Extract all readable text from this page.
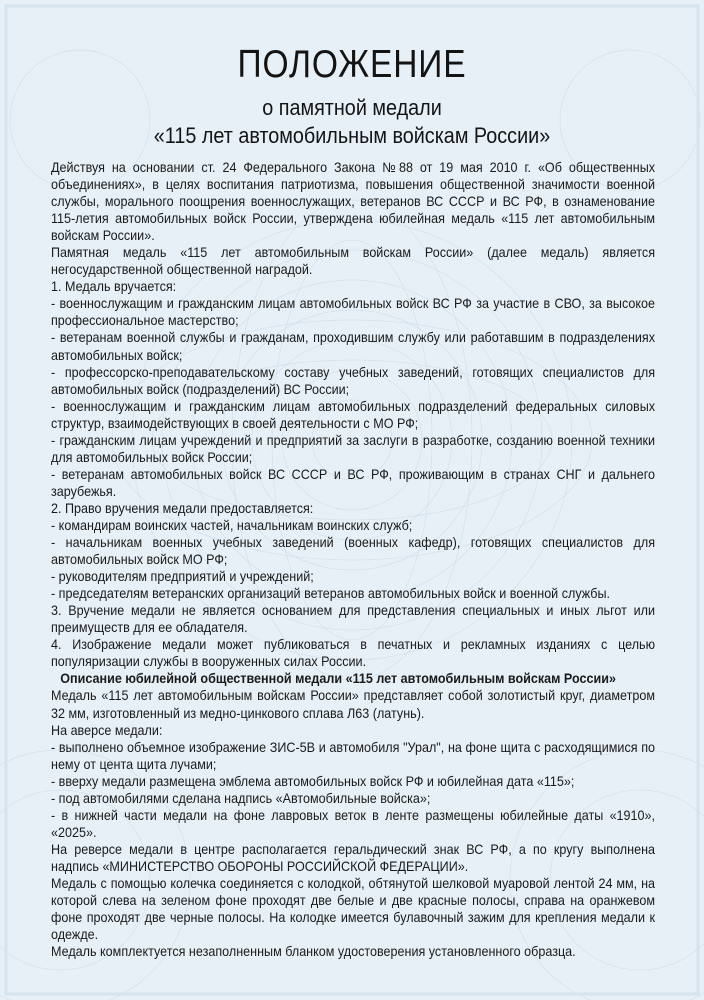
ПОЛОЖЕНИЕ
о памятной медали
«115 лет автомобильным войскам России»

Действуя на основании ст. 24 Федерального Закона №88 от 19 мая 2010 г. «Об общественных объединениях», в целях воспитания патриотизма, повышения общественной значимости военной службы, морального поощрения военнослужащих, ветеранов ВС СССР и ВС РФ, в ознаменование 115-летия автомобильных войск России, утверждена юбилейная медаль «115 лет автомобильным войскам России».

Памятная медаль «115 лет автомобильным войскам России» (далее медаль) является негосударственной общественной наградой.

1. Медаль вручается:

- военнослужащим и гражданским лицам автомобильных войск ВС РФ за участие в СВО, за высокое профессиональное мастерство;

- ветеранам военной службы и гражданам, проходившим службу или работавшим в подразделениях автомобильных войск;

- профессорско-преподавательскому составу учебных заведений, готовящих специалистов для автомобильных войск (подразделений) ВС России;

- военнослужащим и гражданским лицам автомобильных подразделений федеральных силовых структур, взаимодействующих в своей деятельности с МО РФ;

- гражданским лицам учреждений и предприятий за заслуги в разработке, созданию военной техники для автомобильных войск России;

- ветеранам автомобильных войск ВС СССР и ВС РФ, проживающим в странах СНГ и дальнего зарубежья.

2. Право вручения медали предоставляется:

- командирам воинских частей, начальникам воинских служб;

- начальникам военных учебных заведений (военных кафедр), готовящих специалистов для автомобильных войск МО РФ;

- руководителям предприятий и учреждений;

- председателям ветеранских организаций ветеранов автомобильных войск и военной службы.

3. Вручение медали не является основанием для представления специальных и иных льгот или преимуществ для ее обладателя.

4. Изображение медали может публиковаться в печатных и рекламных изданиях с целью популяризации службы в вооруженных силах России.

Описание юбилейной общественной медали «115 лет автомобильным войскам России»

Медаль «115 лет автомобильным войскам России» представляет собой золотистый круг, диаметром 32 мм, изготовленный из медно-цинкового сплава Л63 (латунь).

На аверсе медали:

- выполнено объемное изображение ЗИС-5В и автомобиля "Урал", на фоне щита с расходящимися по нему от цента щита лучами;

- вверху медали размещена эмблема автомобильных войск РФ и юбилейная дата «115»;

- под автомобилями сделана надпись «Автомобильные войска»;

- в нижней части медали на фоне лавровых веток в ленте размещены юбилейные даты «1910», «2025».

На реверсе медали в центре располагается геральдический знак ВС РФ, а по кругу выполнена надпись «МИНИСТЕРСТВО ОБОРОНЫ РОССИЙСКОЙ ФЕДЕРАЦИИ».

Медаль с помощью колечка соединяется с колодкой, обтянутой шелковой муаровой лентой 24 мм, на которой слева на зеленом фоне проходят две белые и две красные полосы, справа на оранжевом фоне проходят две черные полосы. На колодке имеется булавочный зажим для крепления медали к одежде.

Медаль комплектуется незаполненным бланком удостоверения установленного образца.
